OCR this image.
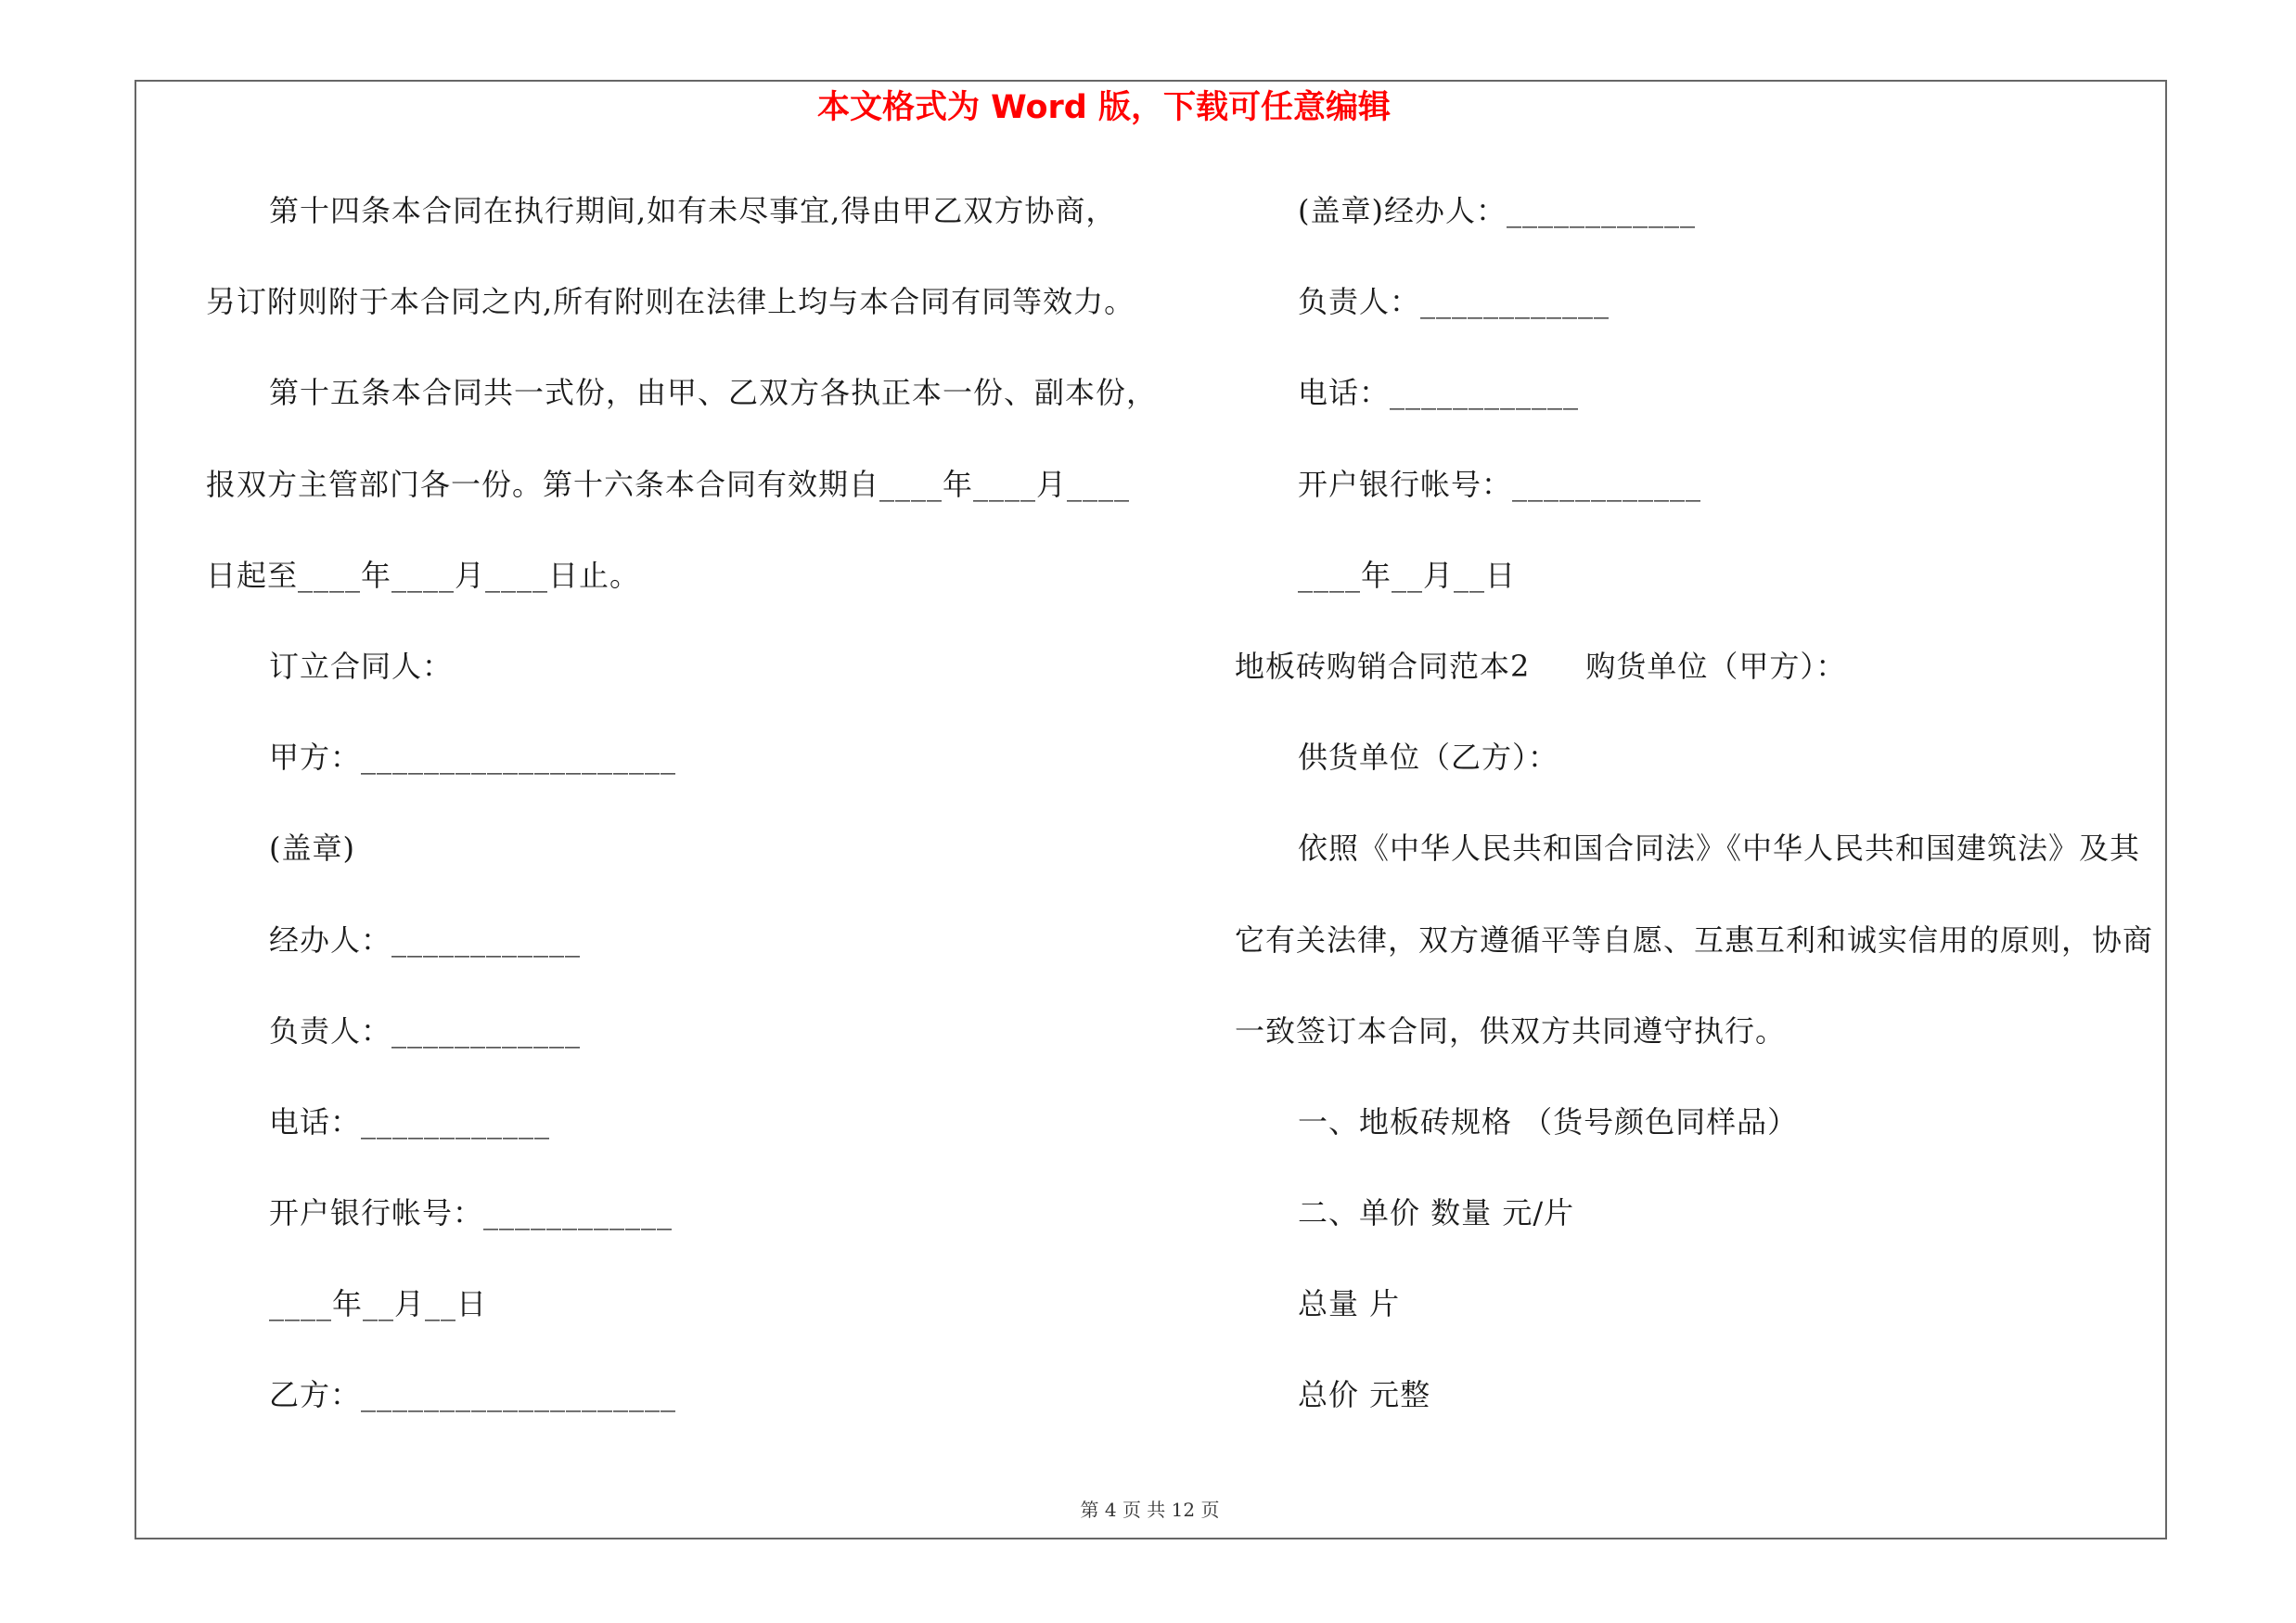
本文格式为 Word 版，下载可任意编辑
第十四条本合同在执行期间,如有未尽事宜,得由甲乙双方协商，
另订附则附于本合同之内,所有附则在法律上均与本合同有同等效力。
第十五条本合同共一式份，由甲、乙双方各执正本一份、副本份，
报双方主管部门各一份。第十六条本合同有效期自____年____月____
日起至____年____月____日止。
订立合同人：
甲方：____________________
(盖章)
经办人：____________
负责人：____________
电话：____________
开户银行帐号：____________
____年__月__日
乙方：____________________
(盖章)经办人：____________
负责人：____________
电话：____________
开户银行帐号：____________
____年__月__日
地板砖购销合同范本2 购货单位（甲方）：
供货单位（乙方）：
依照《中华人民共和国合同法》《中华人民共和国建筑法》及其
它有关法律，双方遵循平等自愿、互惠互利和诚实信用的原则，协商
一致签订本合同，供双方共同遵守执行。
一、地板砖规格 （货号颜色同样品）
二、单价 数量 元/片
总量 片
总价 元整
第 4 页 共 12 页
